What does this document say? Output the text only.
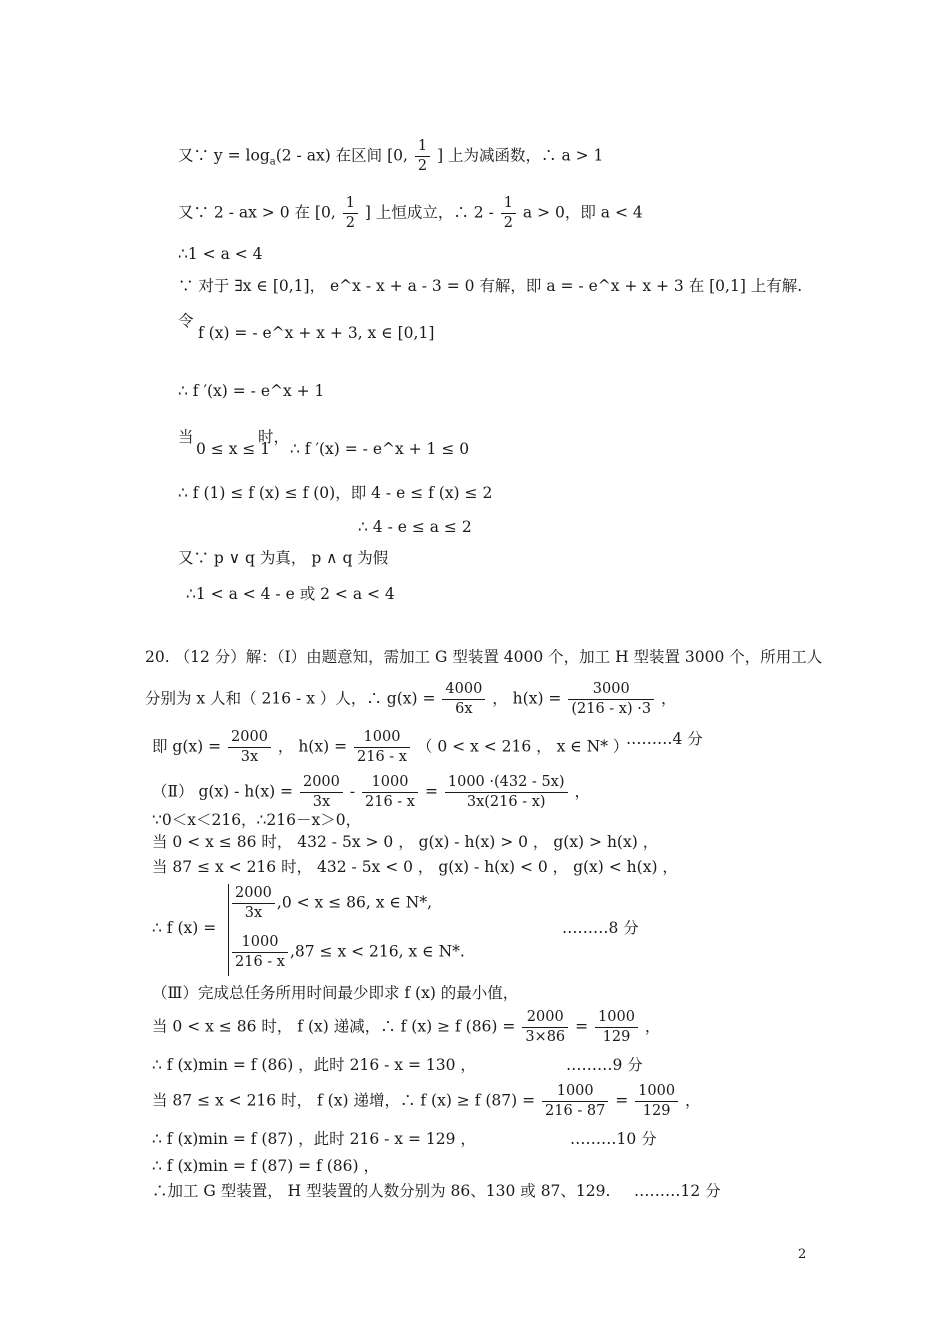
又∵ $y = \log_a(2 - ax)$ 在区间 [0, $\frac{1}{2}$ ] 上为减函数，∴ a > 1
又∵ 2 - ax > 0 在 [0, $\frac{1}{2}$ ] 上恒成立，∴ $2 - \frac{1}{2}$ a > 0，即 a < 4
∴1 < a < 4
∵ 对于 ∃x ∈ [0,1]， e^x - x + a - 3 = 0 有解，即 a = - e^x + x + 3 在 [0,1] 上有解.
令
f (x) = - e^x + x + 3, x ∈ [0,1]
∴ f ′(x) = - e^x + 1
当
0 ≤ x ≤ 1
时，
∴ f ′(x) = - e^x + 1 ≤ 0
∴ f (1) ≤ f (x) ≤ f (0)，即 4 - e ≤ f (x) ≤ 2
∴ 4 - e ≤ a ≤ 2
又∵ p ∨ q 为真， p ∧ q 为假
∴1 < a < 4 - e 或 2 < a < 4
20. （12 分）解：（Ⅰ）由题意知，需加工 G 型装置 4000 个，加工 H 型装置 3000 个，所用工人
分别为 x 人和（ 216 - x ）人，∴ $g(x) = \frac{4000}{6x}$ ， $h(x) = \frac{3000}{(216 - x) \cdot 3}$ ，
即 $g(x) = \frac{2000}{3x}$ ， $h(x) = \frac{1000}{216 - x}$ （ 0 < x < 216 ， x ∈ N* ）
………4 分
（Ⅱ） $g(x) - h(x) = \frac{2000}{3x} - \frac{1000}{216 - x} = \frac{1000 \cdot(432 - 5x)}{3x(216 - x)}$ ，
∵0＜x＜216，∴216－x＞0，
当 0 < x ≤ 86 时， 432 - 5x > 0 ， g(x) - h(x) > 0 ， g(x) > h(x) ，
当 87 ≤ x < 216 时， 432 - 5x < 0 ， g(x) - h(x) < 0 ， g(x) < h(x) ，
∴ f (x) =
$\frac{2000}{3x} ,0 < x \le 86$, x ∈ N*,
$\frac{1000}{216 - x} ,87 \le x < 216$, x ∈ N*.
………8 分
（Ⅲ）完成总任务所用时间最少即求 f (x) 的最小值，
当 0 < x ≤ 86 时， f (x) 递减，∴ f (x) ≥ f $(86) = \frac{2000}{3\times 86} = \frac{1000}{129}$ ，
∴ f (x)min = f (86) ，此时 216 - x = 130 ，	………9 分
当 87 ≤ x < 216 时， f (x) 递增，∴ f (x) ≥ f $(87) = \frac{1000}{216 - 87} = \frac{1000}{129}$ ，
∴ f (x)min = f (87) ，此时 216 - x = 129 ，	………10 分
∴ f (x)min = f (87) = f (86) ，
∴加工 G 型装置， H 型装置的人数分别为 86、130 或 87、129. ………12 分
2
